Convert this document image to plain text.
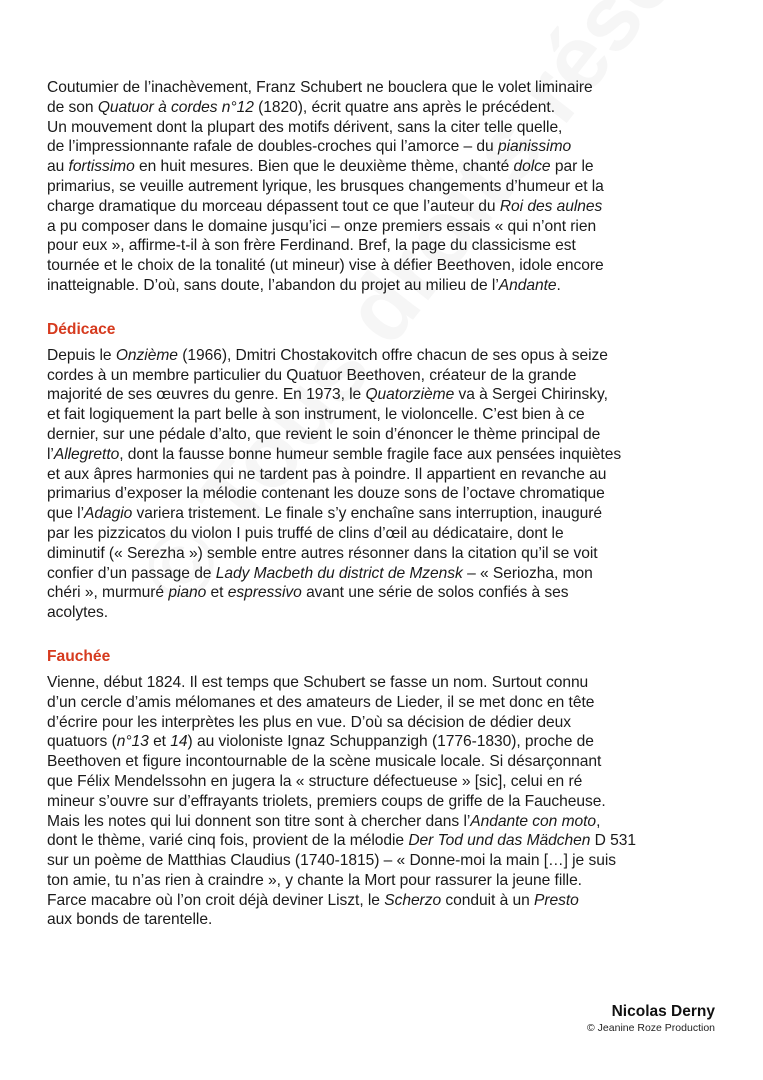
Coutumier de l’inachèvement, Franz Schubert ne bouclera que le volet liminaire
de son Quatuor à cordes n°12 (1820), écrit quatre ans après le précédent.
Un mouvement dont la plupart des motifs dérivent, sans la citer telle quelle,
de l’impressionnante rafale de doubles-croches qui l’amorce – du pianissimo
au fortissimo en huit mesures. Bien que le deuxième thème, chanté dolce par le
primarius, se veuille autrement lyrique, les brusques changements d’humeur et la
charge dramatique du morceau dépassent tout ce que l’auteur du Roi des aulnes
a pu composer dans le domaine jusqu’ici – onze premiers essais « qui n’ont rien
pour eux », affirme-t-il à son frère Ferdinand. Bref, la page du classicisme est
tournée et le choix de la tonalité (ut mineur) vise à défier Beethoven, idole encore
inatteignable. D’où, sans doute, l’abandon du projet au milieu de l’Andante.

Dédicace

Depuis le Onzième (1966), Dmitri Chostakovitch offre chacun de ses opus à seize
cordes à un membre particulier du Quatuor Beethoven, créateur de la grande
majorité de ses œuvres du genre. En 1973, le Quatorzième va à Sergei Chirinsky,
et fait logiquement la part belle à son instrument, le violoncelle. C’est bien à ce
dernier, sur une pédale d’alto, que revient le soin d’énoncer le thème principal de
l’Allegretto, dont la fausse bonne humeur semble fragile face aux pensées inquiètes
et aux âpres harmonies qui ne tardent pas à poindre. Il appartient en revanche au
primarius d’exposer la mélodie contenant les douze sons de l’octave chromatique
que l’Adagio variera tristement. Le finale s’y enchaîne sans interruption, inauguré
par les pizzicatos du violon I puis truffé de clins d’œil au dédicataire, dont le
diminutif (« Serezha ») semble entre autres résonner dans la citation qu’il se voit
confier d’un passage de Lady Macbeth du district de Mzensk – « Seriozha, mon
chéri », murmuré piano et espressivo avant une série de solos confiés à ses
acolytes.

Fauchée

Vienne, début 1824. Il est temps que Schubert se fasse un nom. Surtout connu
d’un cercle d’amis mélomanes et des amateurs de Lieder, il se met donc en tête
d’écrire pour les interprètes les plus en vue. D’où sa décision de dédier deux
quatuors (n°13 et 14) au violoniste Ignaz Schuppanzigh (1776-1830), proche de
Beethoven et figure incontournable de la scène musicale locale. Si désarçonnant
que Félix Mendelssohn en jugera la « structure défectueuse » [sic], celui en ré
mineur s’ouvre sur d’effrayants triolets, premiers coups de griffe de la Faucheuse.
Mais les notes qui lui donnent son titre sont à chercher dans l’Andante con moto,
dont le thème, varié cinq fois, provient de la mélodie Der Tod und das Mädchen D 531
sur un poème de Matthias Claudius (1740-1815) – « Donne-moi la main […] je suis
ton amie, tu n’as rien à craindre », y chante la Mort pour rassurer la jeune fille.
Farce macabre où l’on croit déjà deviner Liszt, le Scherzo conduit à un Presto
aux bonds de tarentelle.

Nicolas Derny
© Jeanine Roze Production
